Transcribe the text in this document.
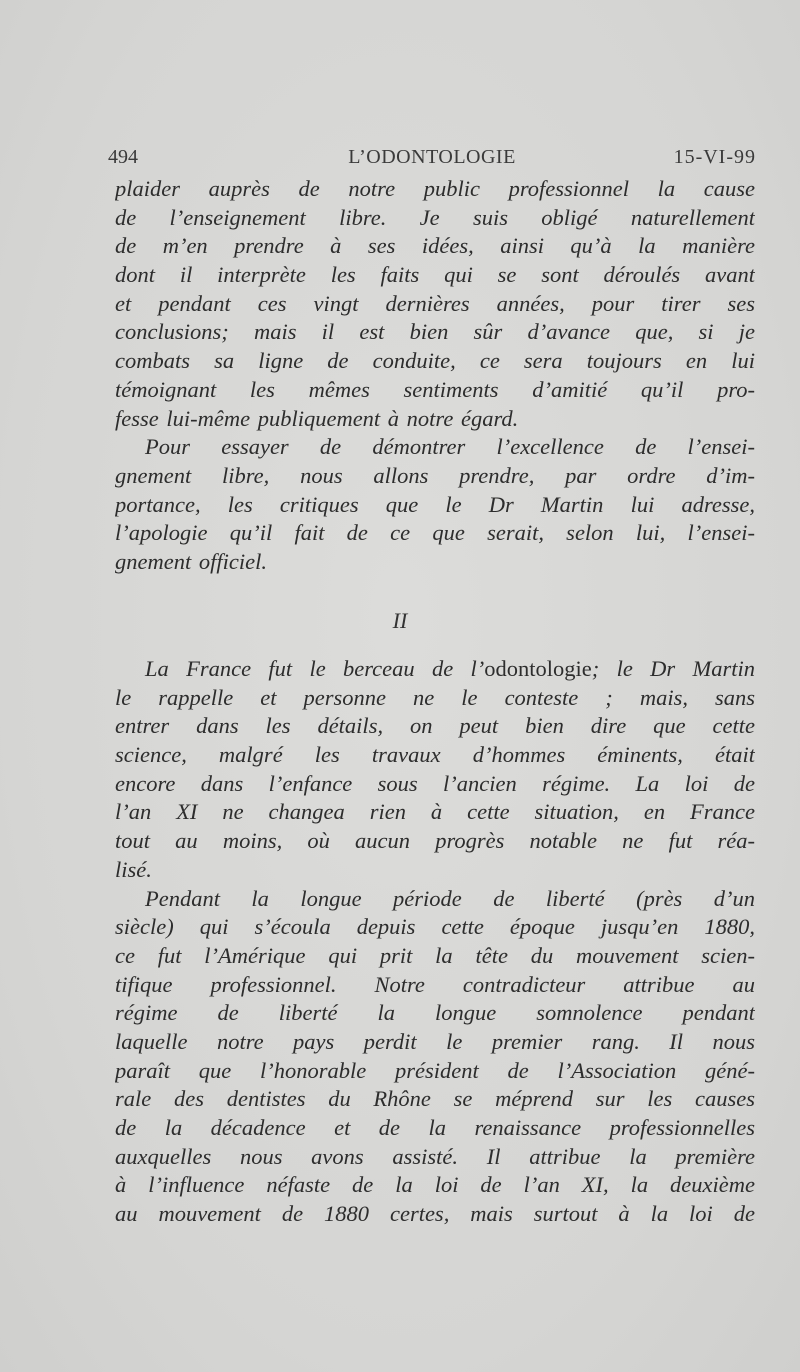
494	L’ODONTOLOGIE	15-VI-99
plaider auprès de notre public professionnel la cause
de l’enseignement libre. Je suis obligé naturellement
de m’en prendre à ses idées, ainsi qu’à la manière
dont il interprète les faits qui se sont déroulés avant
et pendant ces vingt dernières années, pour tirer ses
conclusions; mais il est bien sûr d’avance que, si je
combats sa ligne de conduite, ce sera toujours en lui
témoignant les mêmes sentiments d’amitié qu’il pro-
fesse lui-même publiquement à notre égard.
Pour essayer de démontrer l’excellence de l’ensei-
gnement libre, nous allons prendre, par ordre d’im-
portance, les critiques que le Dr Martin lui adresse,
l’apologie qu’il fait de ce que serait, selon lui, l’ensei-
gnement officiel.
II
La France fut le berceau de l’odontologie; le Dr Martin
le rappelle et personne ne le conteste ; mais, sans
entrer dans les détails, on peut bien dire que cette
science, malgré les travaux d’hommes éminents, était
encore dans l’enfance sous l’ancien régime. La loi de
l’an XI ne changea rien à cette situation, en France
tout au moins, où aucun progrès notable ne fut réa-
lisé.
Pendant la longue période de liberté (près d’un
siècle) qui s’écoula depuis cette époque jusqu’en 1880,
ce fut l’Amérique qui prit la tête du mouvement scien-
tifique professionnel. Notre contradicteur attribue au
régime de liberté la longue somnolence pendant
laquelle notre pays perdit le premier rang. Il nous
paraît que l’honorable président de l’Association géné-
rale des dentistes du Rhône se méprend sur les causes
de la décadence et de la renaissance professionnelles
auxquelles nous avons assisté. Il attribue la première
à l’influence néfaste de la loi de l’an XI, la deuxième
au mouvement de 1880 certes, mais surtout à la loi de
